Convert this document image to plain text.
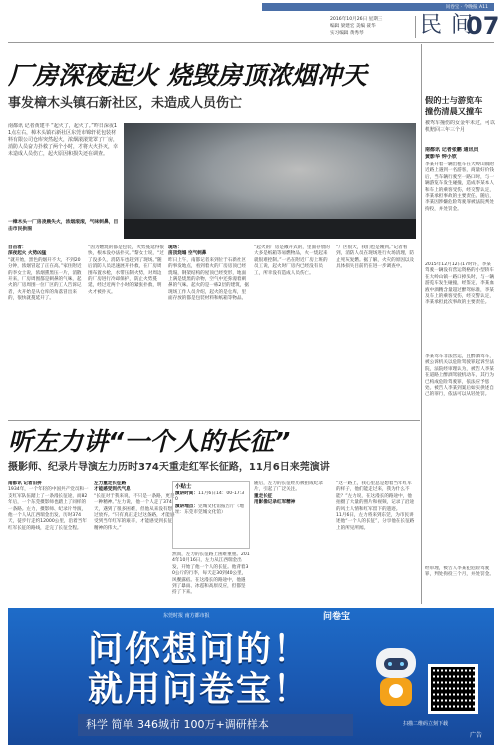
问卷宝 · 今晚报 A11
2016年10月26日 星期三
编辑 梁建宏 美编 聂华
实习编辑 黄秀琴	民 间
07
厂房深夜起火 烧毁房顶浓烟冲天
事发樟木头镇石新社区，未造成人员伤亡
南都讯 记者黄建丰 “起火了，起火了。”昨日深夜11点左右，樟木头镇石新社区东莞市锦轩花包装材料有限公司仓库突然起火，浓烟滚滚笼罩了厂房，消防人员奋力扑救了两个小时，才将大火扑灭，幸未造成人员伤亡，起火原因和损失还在调查。
一樟木头一厂房凌晨失火，浓烟滚滚，气味刺鼻，目击市民供图
目击者：
深夜起火 火势凶猛
“就开始，黑色的烟开不大，不到20分钟，浓烟冒起了正在高。”家住附近的李女士说，浓烟熏黑压一片，消散开来，厂房周围都是刺鼻的气味，起火的厂房周围一位厂区的工人告诉记者，火开始是从仓库的角落冒出来的，很快就蔓延开了。
“因为燃烧的都是包装，火势蔓延得很快，根本没办法扑灭。”黎女士说，“过了没多久，消防车也赶到了现场。”随后消防人员迅速展开扑救，在厂房周围布置水枪，水带压制火势，对周边的厂房进行冷却保护，防止火势蔓延，经过近两个小时的紧张扑救，明火才被扑灭。
现场：
房顶烧塌 空气刺鼻
昨日上午，南都记者来到位于石新社区的事发地点，看到着火的厂房房顶已经烧塌，钢架结构的屋顶已经变形，地面上满是烧黑的杂物，空气中还弥漫着刺鼻的气味。起火的是一栋2层的建筑，据现场工作人员介绍，起火的是仓库，里面存放的都是包装材料和纸箱等物品。
“起火的厂房是敞开式的，里面存放的大多是纸箱等易燃物品，火一烧起来就很难控制。”一名在附近厂房上班的员工说，起火时厂房内已经没有员工，所幸没有造成人员伤亡。
“厂区很大，我们也是刚到。”记者看到，消防人员在现场进行火场清理，防止死灰复燃。据了解，火灾的原因以及具体损失目前仍在进一步调查中。
假的士与游览车
撞伤清晨又撞车
被驾车撞伤的女金年未过，可以机赔回三年三个月
南都讯 记者张鹏 通讯员
黄影华 钟小欣
李某开着一辆出租车在大岭山镇附近路上遇到一名游客，商量好价钱后，当车辆行驶至一路口时，与一辆游览车发生碰撞，造成李某本人和车上的乘客受伤，经交警认定，李某承担事故的主要责任。随后，李某因涉嫌危险驾驶罪被法院判处拘役，并处罚金。
2015年12月12日17时许，李某驾驶一辆没有营运资格的小型轿车在大岭山镇一路口掉头时，与一辆游览车发生碰撞，经鉴定，李某血液中酒精含量超过醉驾标准，李某及车上的乘客受伤，经交警认定，李某承担此次事故的主要责任。
李某驾车非法营运，且醉酒驾车，被公诉机关以危险驾驶罪起诉至法院，法院经审理认为，被告人李某在道路上醉酒驾驶机动车，其行为已构成危险驾驶罪，依法应予惩处。被告人李某到案后如实供述自己的罪行，依法可以从轻处罚。
经审理，被告人李某犯危险驾驶罪，判处拘役三个月，并处罚金。
听左力讲“一个人的长征”
摄影师、纪录片导演左力历时374天重走红军长征路，11月6日来莞演讲
南都讯 记者旧拼
1934年，一个年轻的中国共产党员和一支红军队伍踏上了一条漫长征途，而82年后，一个东莞摄影师也踏上了同样的一条路。左力，摄影师、纪录片导演，他一个人从江西瑞金出发，历时374天，徒步行走约12000公里，沿着当年红军长征的路线，走完了长征全程。
左力重走长征路
才能感受到代气息
“长征对于我来说，不只是一条路，更是一种精神。”左力说，他一个人走了374天，遇到了很多困难，但他从来没有想过放弃。“只有真正走过这条路，才能感受到当年红军的艰辛，才能感受到长征精神的伟大。”
小贴士
演讲时间：11月6日14：00-17:30
演讲地点：莞城文化馆报告厅（地址：东莞市莞城文化馆）
然而，左力的长征路上困难重重。2014年10月16日，左力从江西瑞金出发，开始了他一个人的长征。他背着30公斤的行李，每天走30到40公里，风餐露宿。在这漫长的路途中，他遇到了暴雨、冰雹和高原反应，但都坚持了下来。
随后，左力的长征经历被拍成纪录片，引起了广泛关注。
重走长征
用影像记录红军精神
“这一路上，我心里总是想着当年红军的样子，他们能走过来，我为什么不能？”左力说，在这漫长的路途中，他拍摄了大量的照片和视频，记录了沿途的风土人情和红军留下的遗迹。
11月6日，左力将来到东莞，为市民讲述他“一个人的长征”，分享他在长征路上的所见所闻。
东莞时报 南方都市报	问卷宝
问你想问的！
就用问卷宝！
科学 简单 346城市 100万+调研样本	扫描二维码立刻下载
广告
